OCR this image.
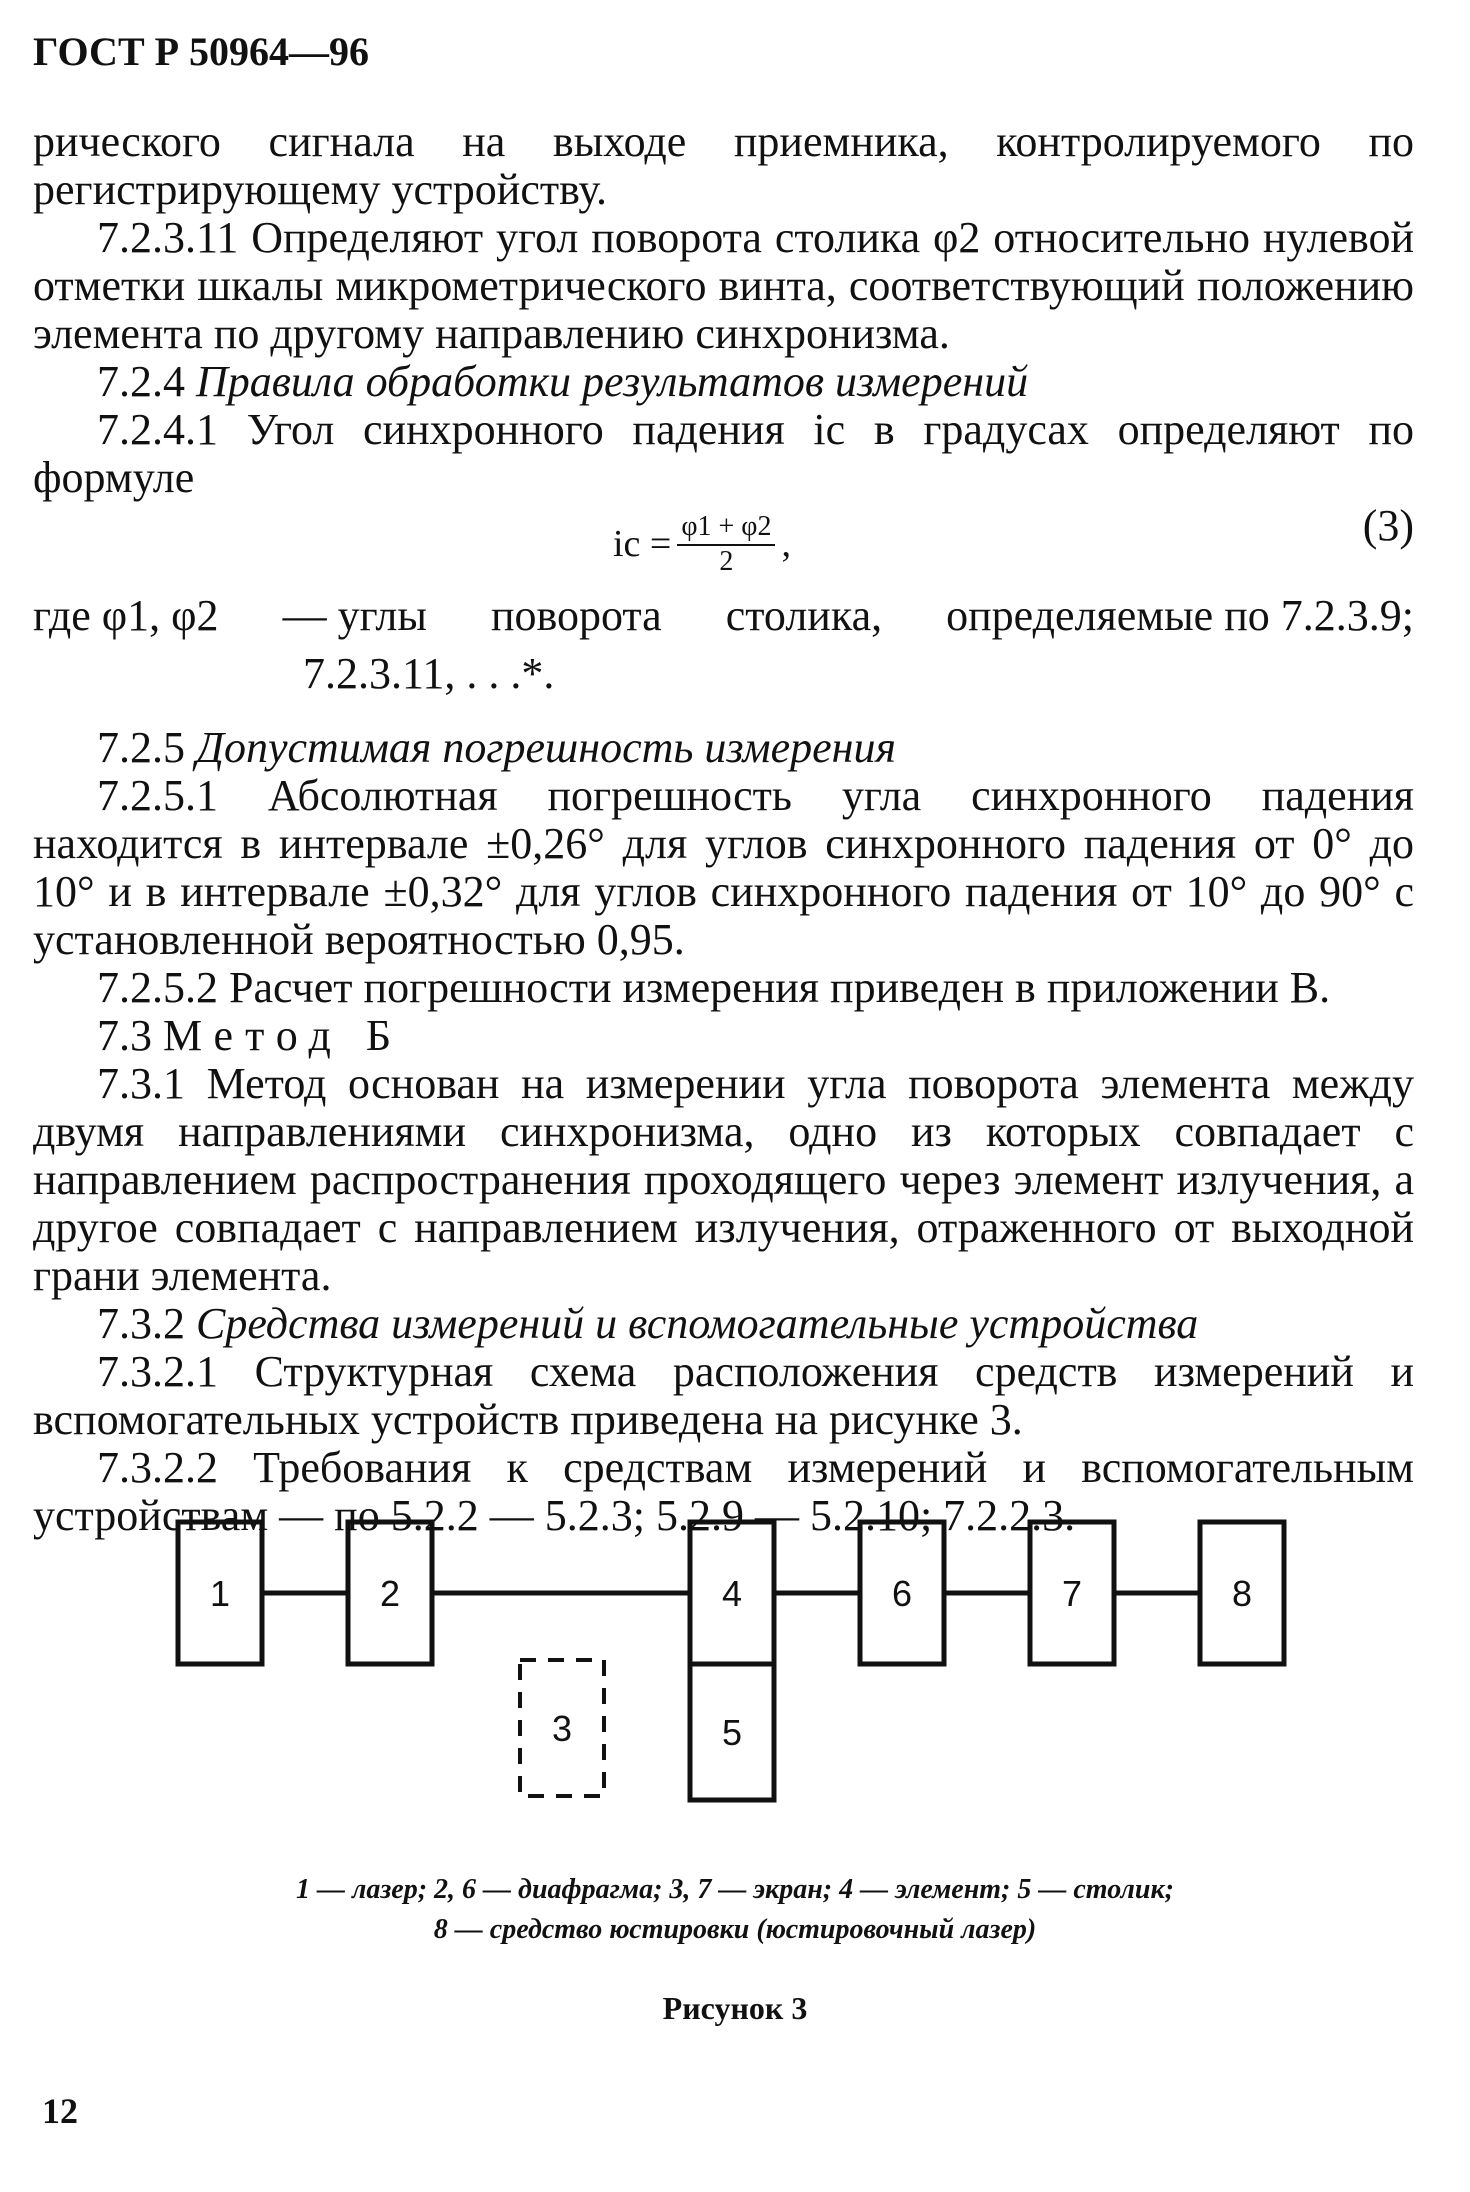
ГОСТ Р 50964—96

рического сигнала на выходе приемника, контролируемого по регистрирующему устройству.

7.2.3.11 Определяют угол поворота столика φ2 относительно нулевой отметки шкалы микрометрического винта, соответствующий положению элемента по другому направлению синхронизма.

7.2.4 Правила обработки результатов измерений

7.2.4.1 Угол синхронного падения iс в градусах определяют по формуле

iс = $\frac{\varphi 1 + \varphi 2}{2}$ ,	(3)
где φ1, φ2 — углы поворота столика, определяемые по 7.2.3.9;
7.2.3.11, . . .*.

7.2.5 Допустимая погрешность измерения

7.2.5.1 Абсолютная погрешность угла синхронного падения находится в интервале ±0,26° для углов синхронного падения от 0° до 10° и в интервале ±0,32° для углов синхронного падения от 10° до 90° с установленной вероятностью 0,95.

7.2.5.2 Расчет погрешности измерения приведен в приложении В.

7.3 Метод Б

7.3.1 Метод основан на измерении угла поворота элемента между двумя направлениями синхронизма, одно из которых совпадает с направлением распространения проходящего через элемент излучения, а другое совпадает с направлением излучения, отраженного от выходной грани элемента.

7.3.2 Средства измерений и вспомогательные устройства

7.3.2.1 Структурная схема расположения средств измерений и вспомогательных устройств приведена на рисунке 3.

7.3.2.2 Требования к средствам измерений и вспомогательным устройствам — по 5.2.2 — 5.2.3; 5.2.9 — 5.2.10; 7.2.2.3.

1	2
3
4
5
6	7	8
1 — лазер; 2, 6 — диафрагма; 3, 7 — экран; 4 — элемент; 5 — столик;
8 — средство юстировки (юстировочный лазер)
Рисунок 3
12
